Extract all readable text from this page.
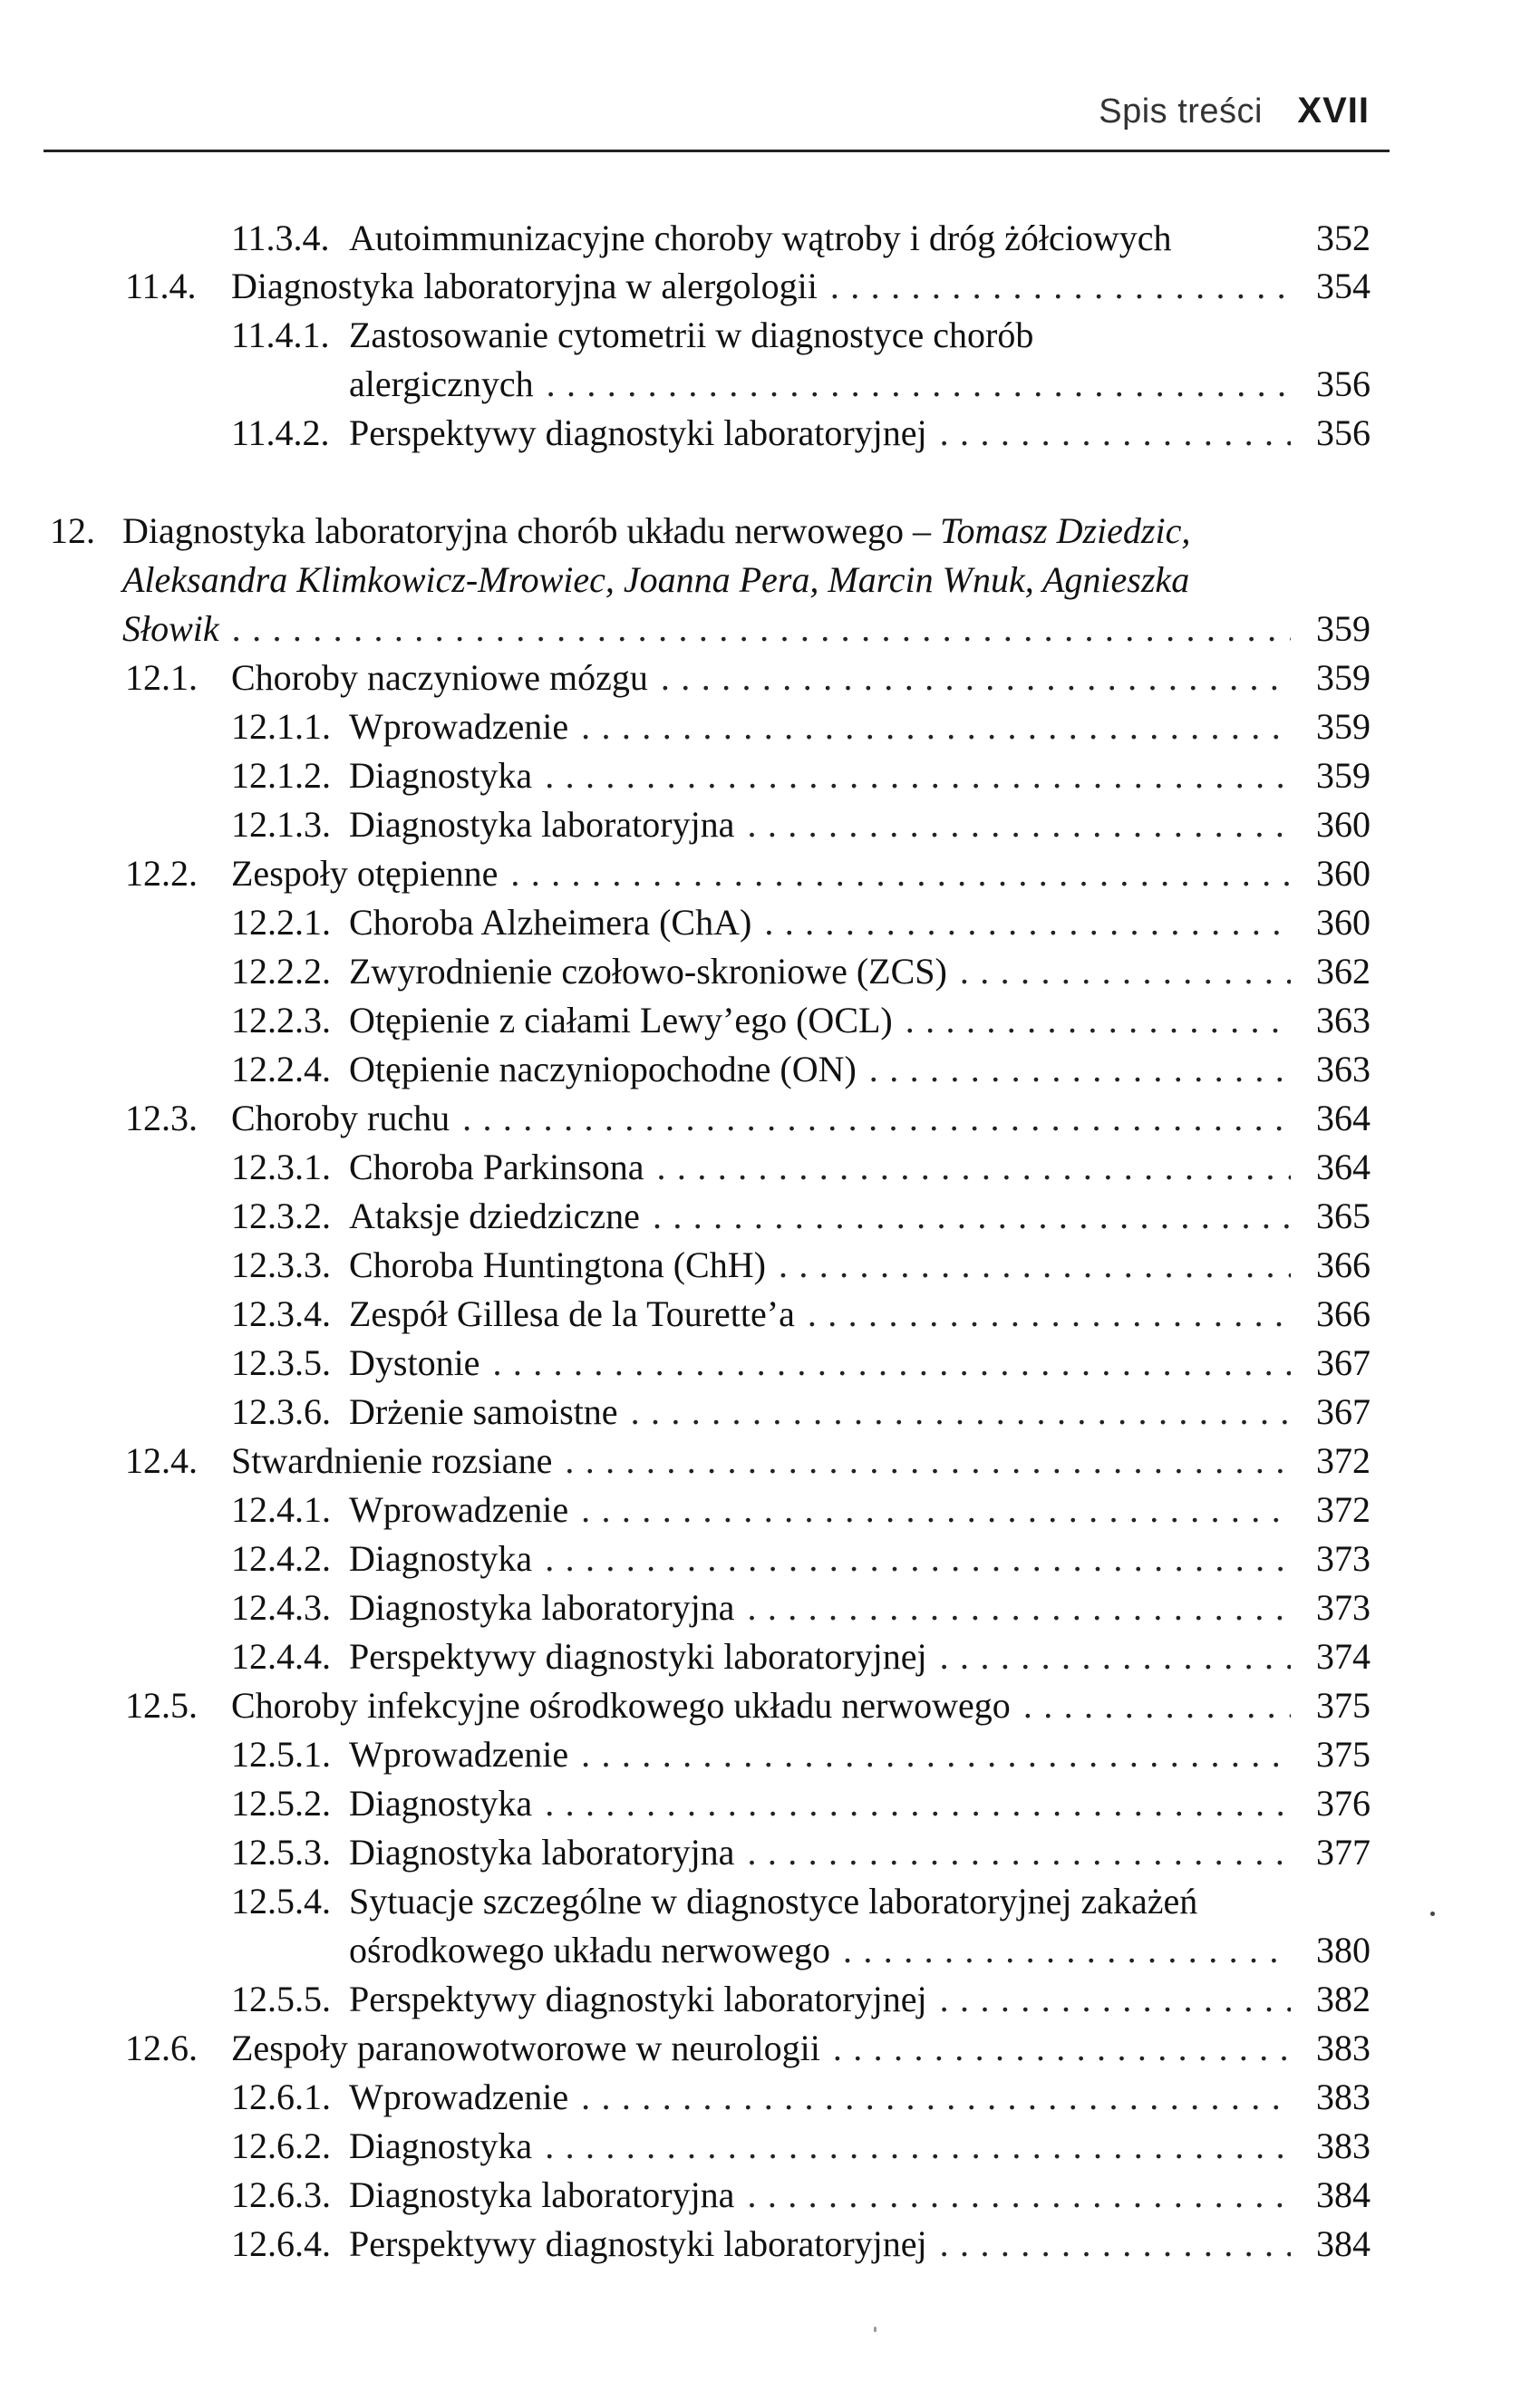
Spis treści XVII
11.3.4. Autoimmunizacyjne choroby wątroby i dróg żółciowych	352
11.4. Diagnostyka laboratoryjna w alergologii . . .	354
11.4.1. Zastosowanie cytometrii w diagnostyce chorób
alergicznych . . .	356
11.4.2. Perspektywy diagnostyki laboratoryjnej . . .	356
12. Diagnostyka laboratoryjna chorób układu nerwowego – Tomasz Dziedzic,
Aleksandra Klimkowicz-Mrowiec, Joanna Pera, Marcin Wnuk, Agnieszka
Słowik . . .	359
12.1. Choroby naczyniowe mózgu . . .	359
12.1.1. Wprowadzenie . . .	359
12.1.2. Diagnostyka . . .	359
12.1.3. Diagnostyka laboratoryjna . . .	360
12.2. Zespoły otępienne . . .	360
12.2.1. Choroba Alzheimera (ChA) . . .	360
12.2.2. Zwyrodnienie czołowo-skroniowe (ZCS) . . .	362
12.2.3. Otępienie z ciałami Lewy’ego (OCL) . . .	363
12.2.4. Otępienie naczyniopochodne (ON) . . .	363
12.3. Choroby ruchu . . .	364
12.3.1. Choroba Parkinsona . . .	364
12.3.2. Ataksje dziedziczne . . .	365
12.3.3. Choroba Huntingtona (ChH) . . .	366
12.3.4. Zespół Gillesa de la Tourette’a . . .	366
12.3.5. Dystonie . . .	367
12.3.6. Drżenie samoistne . . .	367
12.4. Stwardnienie rozsiane . . .	372
12.4.1. Wprowadzenie . . .	372
12.4.2. Diagnostyka . . .	373
12.4.3. Diagnostyka laboratoryjna . . .	373
12.4.4. Perspektywy diagnostyki laboratoryjnej . . .	374
12.5. Choroby infekcyjne ośrodkowego układu nerwowego . . .	375
12.5.1. Wprowadzenie . . .	375
12.5.2. Diagnostyka . . .	376
12.5.3. Diagnostyka laboratoryjna . . .	377
12.5.4. Sytuacje szczególne w diagnostyce laboratoryjnej zakażeń
ośrodkowego układu nerwowego . . .	380
12.5.5. Perspektywy diagnostyki laboratoryjnej . . .	382
12.6. Zespoły paranowotworowe w neurologii . . .	383
12.6.1. Wprowadzenie . . .	383
12.6.2. Diagnostyka . . .	383
12.6.3. Diagnostyka laboratoryjna . . .	384
12.6.4. Perspektywy diagnostyki laboratoryjnej . . .	384
